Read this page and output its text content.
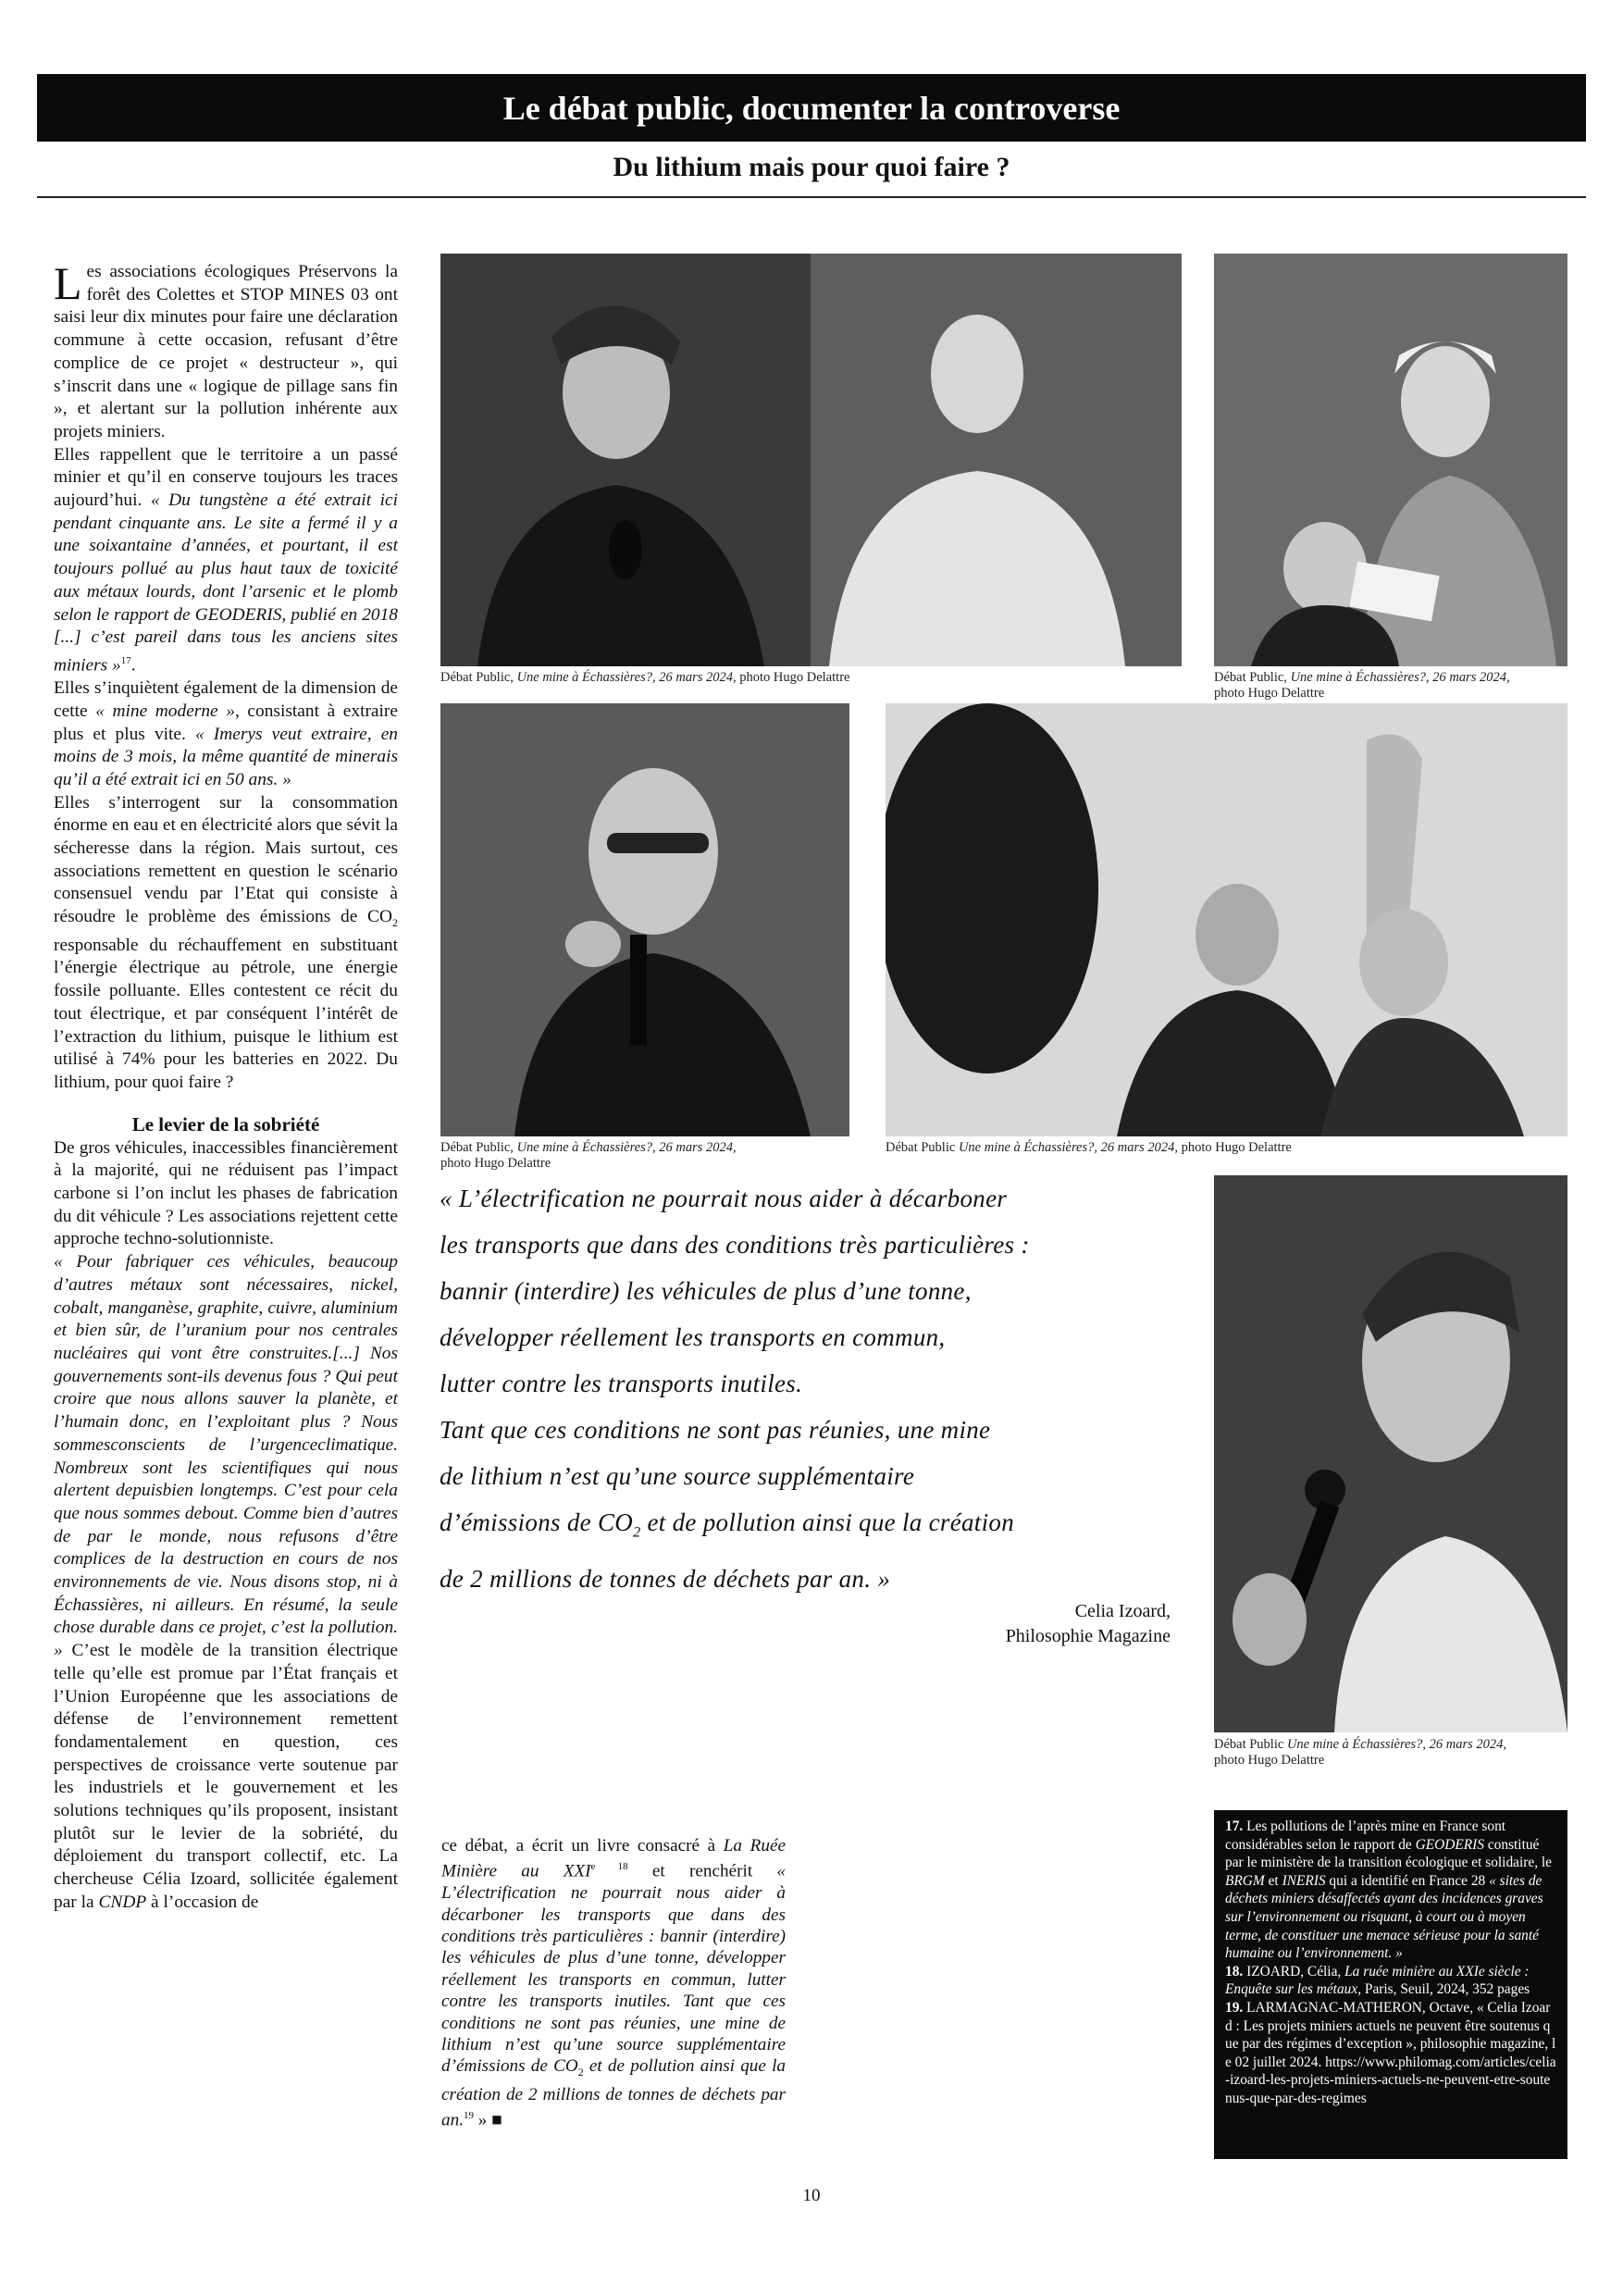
Le débat public, documenter la controverse
Du lithium mais pour quoi faire ?

Les associations écologiques Préservons la forêt des Colettes et STOP MINES 03 ont saisi leur dix minutes pour faire une déclaration commune à cette occasion, refusant d’être complice de ce projet « destructeur », qui s’inscrit dans une « logique de pillage sans fin », et alertant sur la pollution inhérente aux projets miniers.

Elles rappellent que le territoire a un passé minier et qu’il en conserve toujours les traces aujourd’hui. « Du tungstène a été extrait ici pendant cinquante ans. Le site a fermé il y a une soixantaine d’années, et pourtant, il est toujours pollué au plus haut taux de toxicité aux métaux lourds, dont l’arsenic et le plomb selon le rapport de GEODERIS, publié en 2018 [...] c’est pareil dans tous les anciens sites miniers »$^{17}$.

Elles s’inquiètent également de la dimension de cette « mine moderne », consistant à extraire plus et plus vite. « Imerys veut extraire, en moins de 3 mois, la même quantité de minerais qu’il a été extrait ici en 50 ans. »

Elles s’interrogent sur la consommation énorme en eau et en électricité alors que sévit la sécheresse dans la région. Mais surtout, ces associations remettent en question le scénario consensuel vendu par l’Etat qui consiste à résoudre le problème des émissions de $CO_2$ responsable du réchauffement en substituant l’énergie électrique au pétrole, une énergie fossile polluante. Elles contestent ce récit du tout électrique, et par conséquent l’intérêt de l’extraction du lithium, puisque le lithium est utilisé à 74% pour les batteries en 2022. Du lithium, pour quoi faire ?

Le levier de la sobriété

De gros véhicules, inaccessibles financièrement à la majorité, qui ne réduisent pas l’impact carbone si l’on inclut les phases de fabrication du dit véhicule ? Les associations rejettent cette approche techno-solutionniste.

« Pour fabriquer ces véhicules, beaucoup d’autres métaux sont nécessaires, nickel, cobalt, manganèse, graphite, cuivre, aluminium et bien sûr, de l’uranium pour nos centrales nucléaires qui vont être construites.[...] Nos gouvernements sont-ils devenus fous ? Qui peut croire que nous allons sauver la planète, et l’humain donc, en l’exploitant plus ? Nous sommesconscients de l’urgenceclimatique. Nombreux sont les scientifiques qui nous alertent depuisbien longtemps. C’est pour cela que nous sommes debout. Comme bien d’autres de par le monde, nous refusons d’être complices de la destruction en cours de nos environnements de vie. Nous disons stop, ni à Échassières, ni ailleurs. En résumé, la seule chose durable dans ce projet, c’est la pollution. » C’est le modèle de la transition électrique telle qu’elle est promue par l’État français et l’Union Européenne que les associations de défense de l’environnement remettent fondamentalement en question, ces perspectives de croissance verte soutenue par les industriels et le gouvernement et les solutions techniques qu’ils proposent, insistant plutôt sur le levier de la sobriété, du déploiement du transport collectif, etc. La chercheuse Célia Izoard, sollicitée également par la CNDP à l’occasion de

Débat Public, Une mine à Échassières?, 26 mars 2024, photo Hugo Delattre	Débat Public, Une mine à Échassières?, 26 mars 2024,
photo Hugo Delattre
Débat Public, Une mine à Échassières?, 26 mars 2024,
photo Hugo Delattre
Débat Public Une mine à Échassières?, 26 mars 2024, photo Hugo Delattre

« L’électrification ne pourrait nous aider à décarboner

les transports que dans des conditions très particulières :

bannir (interdire) les véhicules de plus d’une tonne,

développer réellement les transports en commun,

lutter contre les transports inutiles.

Tant que ces conditions ne sont pas réunies, une mine

de lithium n’est qu’une source supplémentaire

d’émissions de $CO_2$ et de pollution ainsi que la création

de 2 millions de tonnes de déchets par an. »

Celia Izoard,
Philosophie Magazine
Débat Public Une mine à Échassières?, 26 mars 2024,
photo Hugo Delattre

ce débat, a écrit un livre consacré à La Ruée Minière au $XXI^{e 18}$ et renchérit « L’électrification ne pourrait nous aider à décarboner les transports que dans des conditions très particulières : bannir (interdire) les véhicules de plus d’une tonne, développer réellement les transports en commun, lutter contre les transports inutiles. Tant que ces conditions ne sont pas réunies, une mine de lithium n’est qu’une source supplémentaire d’émissions de $CO_2$ et de pollution ainsi que la création de 2 millions de tonnes de déchets par an.$^{19}$ » ■

17. Les pollutions de l’après mine en France sont considérables selon le rapport de GEODERIS constitué par le ministère de la transition écologique et solidaire, le BRGM et INERIS qui a identifié en France 28 « sites de déchets miniers désaffectés ayant des incidences graves sur l’environnement ou risquant, à court ou à moyen terme, de constituer une menace sérieuse pour la santé humaine ou l’environnement. »

18. IZOARD, Célia, La ruée minière au XXIe siècle : Enquête sur les métaux, Paris, Seuil, 2024, 352 pages

19. LARMAGNAC-MATHERON, Octave, « Celia Izoard : Les projets miniers actuels ne peuvent être soutenus que par des régimes d’exception », philosophie magazine, le 02 juillet 2024. https://www.philomag.com/articles/celia-izoard-les-projets-miniers-actuels-ne-peuvent-etre-soutenus-que-par-des-regimes

10
